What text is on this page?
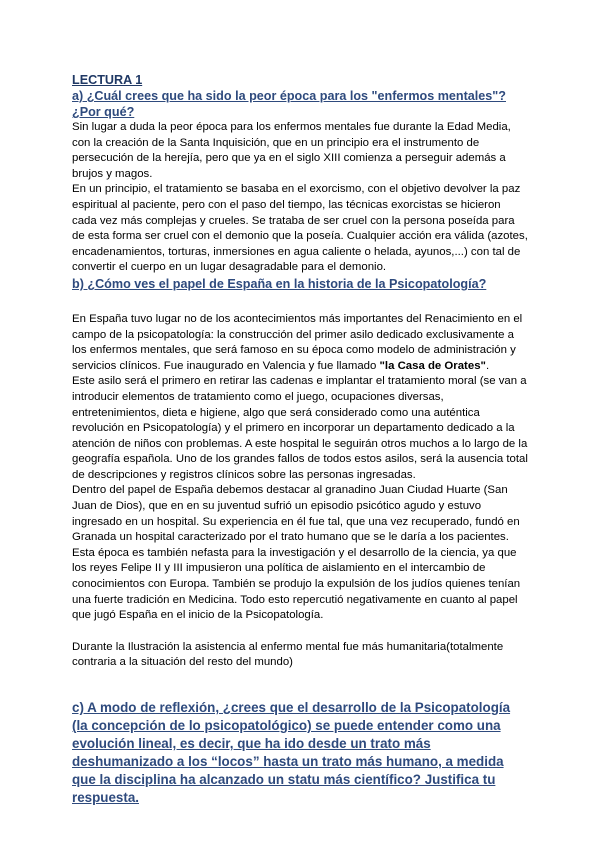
LECTURA 1

a) ¿Cuál crees que ha sido la peor época para los "enfermos mentales"? ¿Por qué?

Sin lugar a duda la peor época para los enfermos mentales fue durante la Edad Media, con la creación de la Santa Inquisición, que en un principio era el instrumento de persecución de la herejía, pero que ya en el siglo XIII comienza a perseguir además a brujos y magos.

En un principio, el tratamiento se basaba en el exorcismo, con el objetivo devolver la paz espiritual al paciente, pero con el paso del tiempo, las técnicas exorcistas se hicieron cada vez más complejas y crueles. Se trataba de ser cruel con la persona poseída para de esta forma ser cruel con el demonio que la poseía. Cualquier acción era válida (azotes, encadenamientos, torturas, inmersiones en agua caliente o helada, ayunos,...) con tal de convertir el cuerpo en un lugar desagradable para el demonio.

b) ¿Cómo ves el papel de España en la historia de la Psicopatología?

En España tuvo lugar no de los acontecimientos más importantes del Renacimiento en el campo de la psicopatología: la construcción del primer asilo dedicado exclusivamente a los enfermos mentales, que será famoso en su época como modelo de administración y servicios clínicos. Fue inaugurado en Valencia y fue llamado "la Casa de Orates".

Este asilo será el primero en retirar las cadenas e implantar el tratamiento moral (se van a introducir elementos de tratamiento como el juego, ocupaciones diversas, entretenimientos, dieta e higiene, algo que será considerado como una auténtica revolución en Psicopatología) y el primero en incorporar un departamento dedicado a la atención de niños con problemas. A este hospital le seguirán otros muchos a lo largo de la geografía española. Uno de los grandes fallos de todos estos asilos, será la ausencia total de descripciones y registros clínicos sobre las personas ingresadas.

Dentro del papel de España debemos destacar al granadino Juan Ciudad Huarte (San Juan de Dios), que en en su juventud sufrió un episodio psicótico agudo y estuvo ingresado en un hospital. Su experiencia en él fue tal, que una vez recuperado, fundó en Granada un hospital caracterizado por el trato humano que se le daría a los pacientes.

Esta época es también nefasta para la investigación y el desarrollo de la ciencia, ya que los reyes Felipe II y III impusieron una política de aislamiento en el intercambio de conocimientos con Europa. También se produjo la expulsión de los judíos quienes tenían una fuerte tradición en Medicina. Todo esto repercutió negativamente en cuanto al papel que jugó España en el inicio de la Psicopatología.

Durante la Ilustración la asistencia al enfermo mental fue más humanitaria(totalmente contraria a la situación del resto del mundo)

c) A modo de reflexión, ¿crees que el desarrollo de la Psicopatología (la concepción de lo psicopatológico) se puede entender como una evolución lineal, es decir, que ha ido desde un trato más deshumanizado a los “locos” hasta un trato más humano, a medida que la disciplina ha alcanzado un statu más científico? Justifica tu respuesta.
